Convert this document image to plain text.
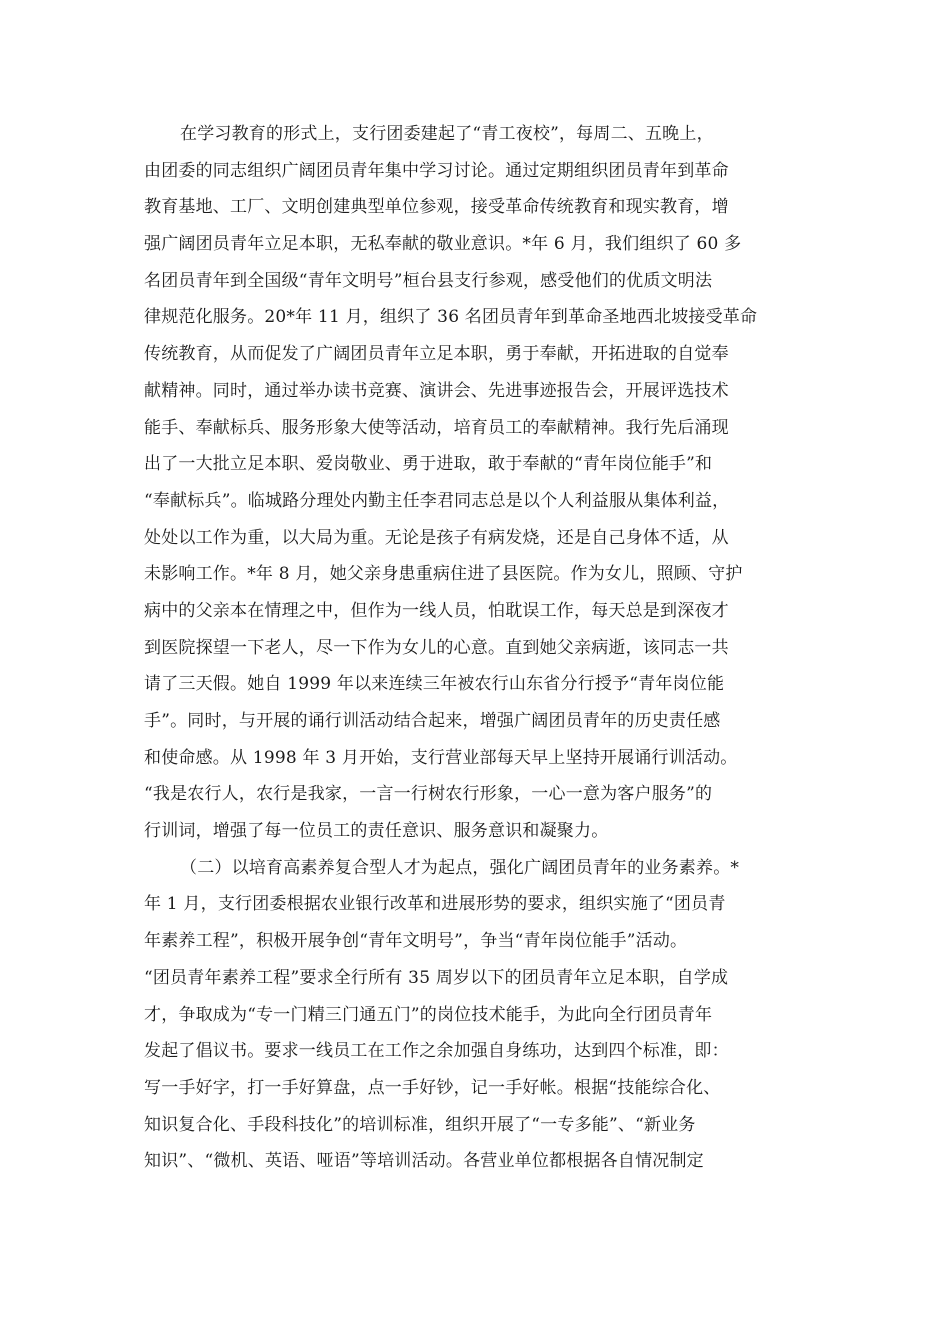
在学习教育的形式上，支行团委建起了“青工夜校”，每周二、五晚上，
由团委的同志组织广阔团员青年集中学习讨论。通过定期组织团员青年到革命
教育基地、工厂、文明创建典型单位参观，接受革命传统教育和现实教育，增
强广阔团员青年立足本职，无私奉献的敬业意识。*年 6 月，我们组织了 60 多
名团员青年到全国级“青年文明号”桓台县支行参观，感受他们的优质文明法
律规范化服务。20*年 11 月，组织了 36 名团员青年到革命圣地西北坡接受革命
传统教育，从而促发了广阔团员青年立足本职，勇于奉献，开拓进取的自觉奉
献精神。同时，通过举办读书竞赛、演讲会、先进事迹报告会，开展评选技术
能手、奉献标兵、服务形象大使等活动，培育员工的奉献精神。我行先后涌现
出了一大批立足本职、爱岗敬业、勇于进取，敢于奉献的“青年岗位能手”和
“奉献标兵”。临城路分理处内勤主任李君同志总是以个人利益服从集体利益，
处处以工作为重，以大局为重。无论是孩子有病发烧，还是自己身体不适，从
未影响工作。*年 8 月，她父亲身患重病住进了县医院。作为女儿，照顾、守护
病中的父亲本在情理之中，但作为一线人员，怕耽误工作，每天总是到深夜才
到医院探望一下老人，尽一下作为女儿的心意。直到她父亲病逝，该同志一共
请了三天假。她自 1999 年以来连续三年被农行山东省分行授予“青年岗位能
手”。同时，与开展的诵行训活动结合起来，增强广阔团员青年的历史责任感
和使命感。从 1998 年 3 月开始，支行营业部每天早上坚持开展诵行训活动。
“我是农行人，农行是我家，一言一行树农行形象，一心一意为客户服务”的
行训词，增强了每一位员工的责任意识、服务意识和凝聚力。
（二）以培育高素养复合型人才为起点，强化广阔团员青年的业务素养。*
年 1 月，支行团委根据农业银行改革和进展形势的要求，组织实施了“团员青
年素养工程”，积极开展争创“青年文明号”，争当“青年岗位能手”活动。
“团员青年素养工程”要求全行所有 35 周岁以下的团员青年立足本职，自学成
才，争取成为“专一门精三门通五门”的岗位技术能手，为此向全行团员青年
发起了倡议书。要求一线员工在工作之余加强自身练功，达到四个标准，即：
写一手好字，打一手好算盘，点一手好钞，记一手好帐。根据“技能综合化、
知识复合化、手段科技化”的培训标准，组织开展了“一专多能”、“新业务
知识”、“微机、英语、哑语”等培训活动。各营业单位都根据各自情况制定
